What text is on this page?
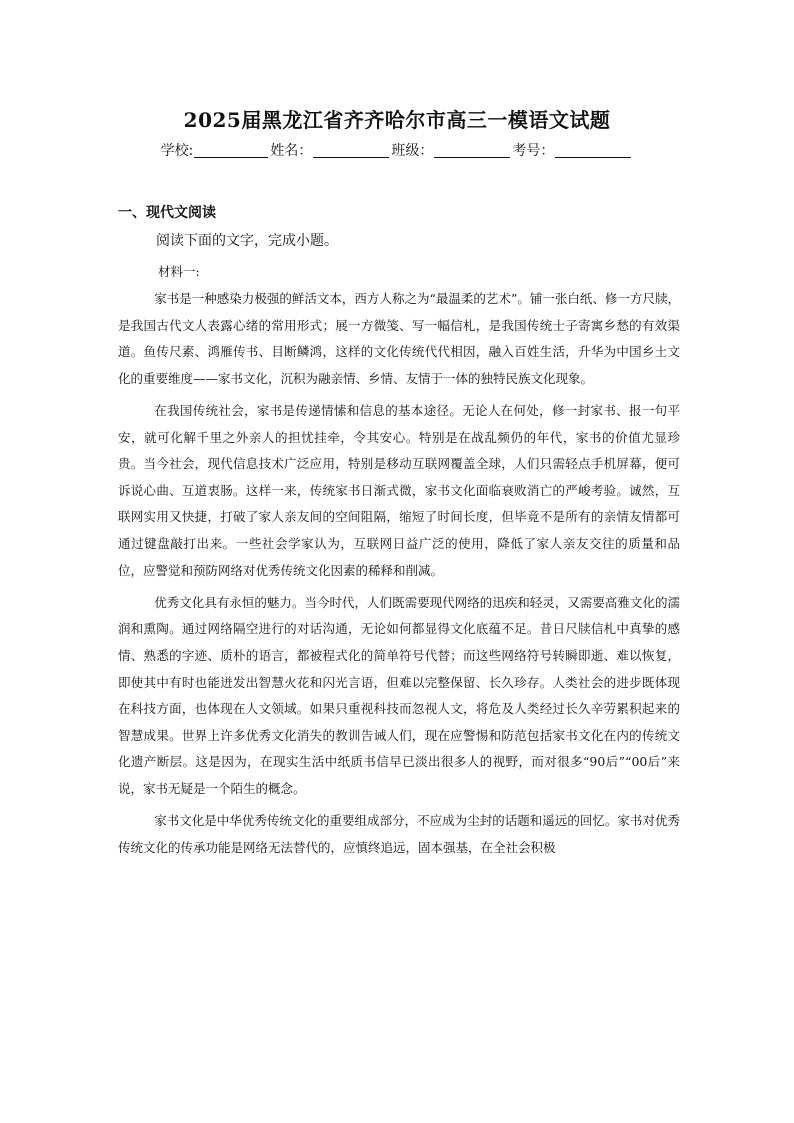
2025届黑龙江省齐齐哈尔市高三一模语文试题
学校:	姓名：	班级：	考号：
一、现代文阅读
阅读下面的文字，完成小题。
材料一:

家书是一种感染力极强的鲜活文本，西方人称之为“最温柔的艺术”。铺一张白纸、修一方尺牍，是我国古代文人表露心绪的常用形式；展一方微笺、写一幅信札，是我国传统士子寄寓乡愁的有效渠道。鱼传尺素、鸿雁传书、目断鳞鸿，这样的文化传统代代相因，融入百姓生活，升华为中国乡土文化的重要维度——家书文化，沉积为融亲情、乡情、友情于一体的独特民族文化现象。

在我国传统社会，家书是传递情愫和信息的基本途径。无论人在何处，修一封家书、报一句平安，就可化解千里之外亲人的担忧挂牵，令其安心。特别是在战乱频仍的年代，家书的价值尤显珍贵。当今社会，现代信息技术广泛应用，特别是移动互联网覆盖全球，人们只需轻点手机屏幕，便可诉说心曲、互道衷肠。这样一来，传统家书日渐式微，家书文化面临衰败消亡的严峻考验。诚然，互联网实用又快捷，打破了家人亲友间的空间阻隔，缩短了时间长度，但毕竟不是所有的亲情友情都可通过键盘敲打出来。一些社会学家认为，互联网日益广泛的使用，降低了家人亲友交往的质量和品位，应警觉和预防网络对优秀传统文化因素的稀释和削减。

优秀文化具有永恒的魅力。当今时代，人们既需要现代网络的迅疾和轻灵，又需要高雅文化的濡润和熏陶。通过网络隔空进行的对话沟通，无论如何都显得文化底蕴不足。昔日尺牍信札中真挚的感情、熟悉的字迹、质朴的语言，都被程式化的简单符号代替；而这些网络符号转瞬即逝、难以恢复，即使其中有时也能迸发出智慧火花和闪光言语，但难以完整保留、长久珍存。人类社会的进步既体现在科技方面，也体现在人文领域。如果只重视科技而忽视人文，将危及人类经过长久辛劳累积起来的智慧成果。世界上许多优秀文化消失的教训告诫人们，现在应警惕和防范包括家书文化在内的传统文化遗产断层。这是因为，在现实生活中纸质书信早已淡出很多人的视野，而对很多“90后”“00后”来说，家书无疑是一个陌生的概念。

家书文化是中华优秀传统文化的重要组成部分，不应成为尘封的话题和遥远的回忆。家书对优秀传统文化的传承功能是网络无法替代的，应慎终追远，固本强基，在全社会积极
